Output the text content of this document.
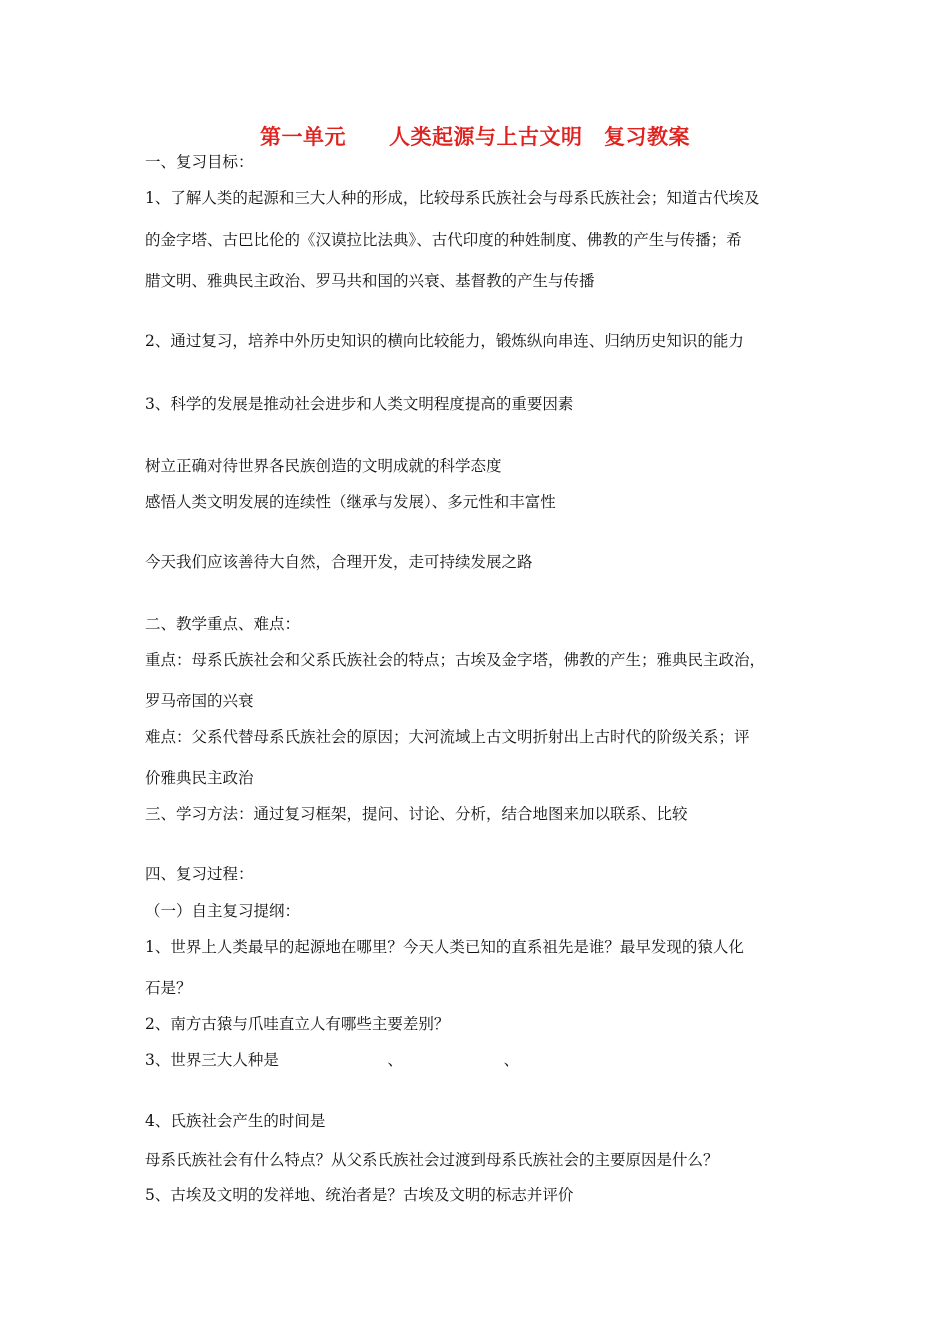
第一单元　　人类起源与上古文明　复习教案
一、复习目标：
1、了解人类的起源和三大人种的形成，比较母系氏族社会与母系氏族社会；知道古代埃及
的金字塔、古巴比伦的《汉谟拉比法典》、古代印度的种姓制度、佛教的产生与传播；希
腊文明、雅典民主政治、罗马共和国的兴衰、基督教的产生与传播
2、通过复习，培养中外历史知识的横向比较能力，锻炼纵向串连、归纳历史知识的能力
3、科学的发展是推动社会进步和人类文明程度提高的重要因素
树立正确对待世界各民族创造的文明成就的科学态度
感悟人类文明发展的连续性（继承与发展）、多元性和丰富性
今天我们应该善待大自然，合理开发，走可持续发展之路
二、教学重点、难点：
重点：母系氏族社会和父系氏族社会的特点；古埃及金字塔，佛教的产生；雅典民主政治，
罗马帝国的兴衰
难点：父系代替母系氏族社会的原因；大河流域上古文明折射出上古时代的阶级关系；评
价雅典民主政治
三、学习方法：通过复习框架，提问、讨论、分析，结合地图来加以联系、比较
四、复习过程：
（一）自主复习提纲：
1、世界上人类最早的起源地在哪里？今天人类已知的直系祖先是谁？最早发现的猿人化
石是？
2、南方古猿与爪哇直立人有哪些主要差别？
3、世界三大人种是　　　　　　　、　　　　　　　、　　　　　
4、氏族社会产生的时间是
母系氏族社会有什么特点？从父系氏族社会过渡到母系氏族社会的主要原因是什么？
5、古埃及文明的发祥地、统治者是？古埃及文明的标志并评价
